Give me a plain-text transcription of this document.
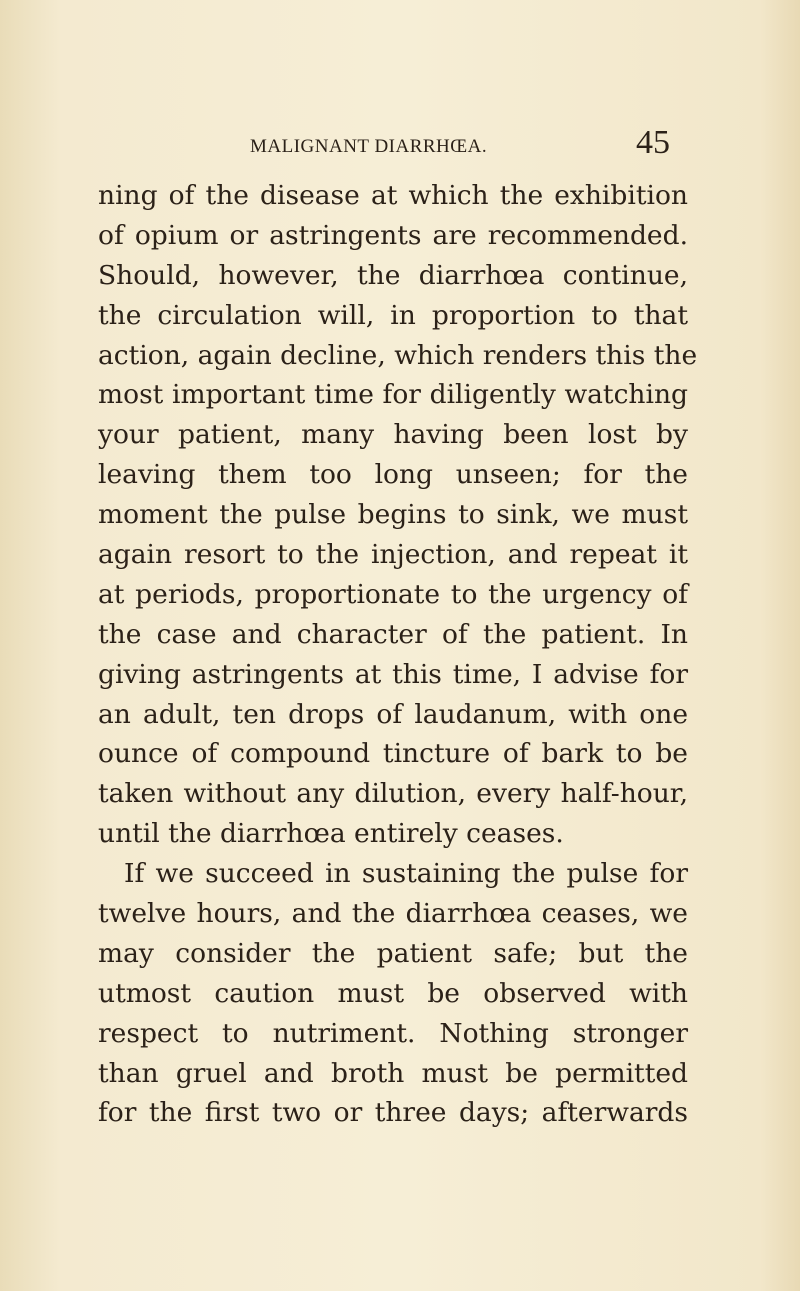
MALIGNANT DIARRHŒA.	45
ning of the disease at which the exhibition
of opium or astringents are recommended.
Should, however, the diarrhœa continue,
the circulation will, in proportion to that
action, again decline, which renders this the
most important time for diligently watching
your patient, many having been lost by
leaving them too long unseen; for the
moment the pulse begins to sink, we must
again resort to the injection, and repeat it
at periods, proportionate to the urgency of
the case and character of the patient. In
giving astringents at this time, I advise for
an adult, ten drops of laudanum, with one
ounce of compound tincture of bark to be
taken without any dilution, every half-hour,
until the diarrhœa entirely ceases.
If we succeed in sustaining the pulse for
twelve hours, and the diarrhœa ceases, we
may consider the patient safe; but the
utmost caution must be observed with
respect to nutriment. Nothing stronger
than gruel and broth must be permitted
for the first two or three days; afterwards
